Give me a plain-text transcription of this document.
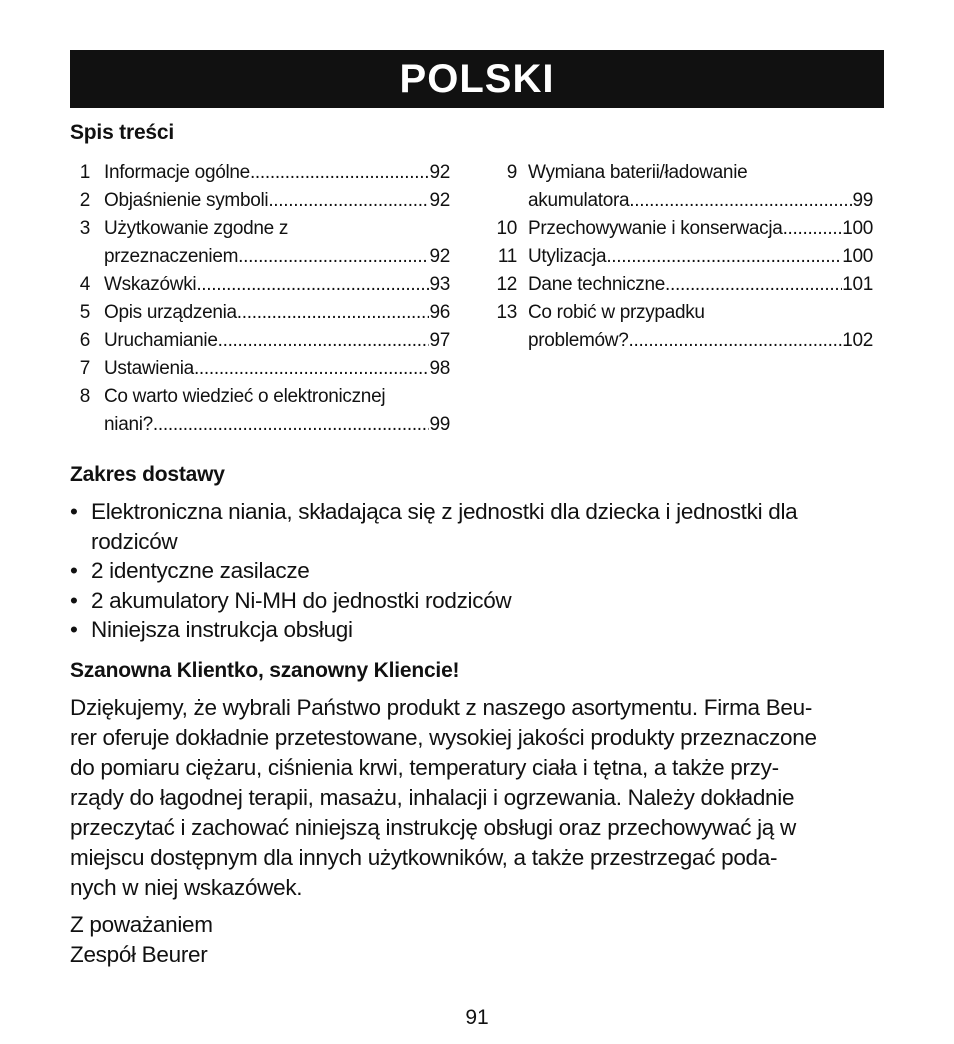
POLSKI
Spis treści
1 Informacje ogólne .....	92
2 Objaśnienie symboli .....	92
3 Użytkowanie zgodne z
przeznaczeniem .....	92
4 Wskazówki .....	93
5 Opis urządzenia .....	96
6 Uruchamianie .....	97
7 Ustawienia .....	98
8 Co warto wiedzieć o elektronicznej
niani? .....	99
9 Wymiana baterii/ładowanie
akumulatora .....	99
10 Przechowywanie i konserwacja .....	100
11 Utylizacja .....	100
12 Dane techniczne .....	101
13 Co robić w przypadku
problemów? .....	102
Zakres dostawy
• Elektroniczna niania, składająca się z jednostki dla dziecka i jednostki dla rodziców
• 2 identyczne zasilacze
• 2 akumulatory Ni-MH do jednostki rodziców
• Niniejsza instrukcja obsługi
Szanowna Klientko, szanowny Kliencie!
Dziękujemy, że wybrali Państwo produkt z naszego asortymentu. Firma Beu-
rer oferuje dokładnie przetestowane, wysokiej jakości produkty przeznaczone
do pomiaru ciężaru, ciśnienia krwi, temperatury ciała i tętna, a także przy-
rządy do łagodnej terapii, masażu, inhalacji i ogrzewania. Należy dokładnie
przeczytać i zachować niniejszą instrukcję obsługi oraz przechowywać ją w
miejscu dostępnym dla innych użytkowników, a także przestrzegać poda-
nych w niej wskazówek.
Z poważaniem
Zespół Beurer
91
